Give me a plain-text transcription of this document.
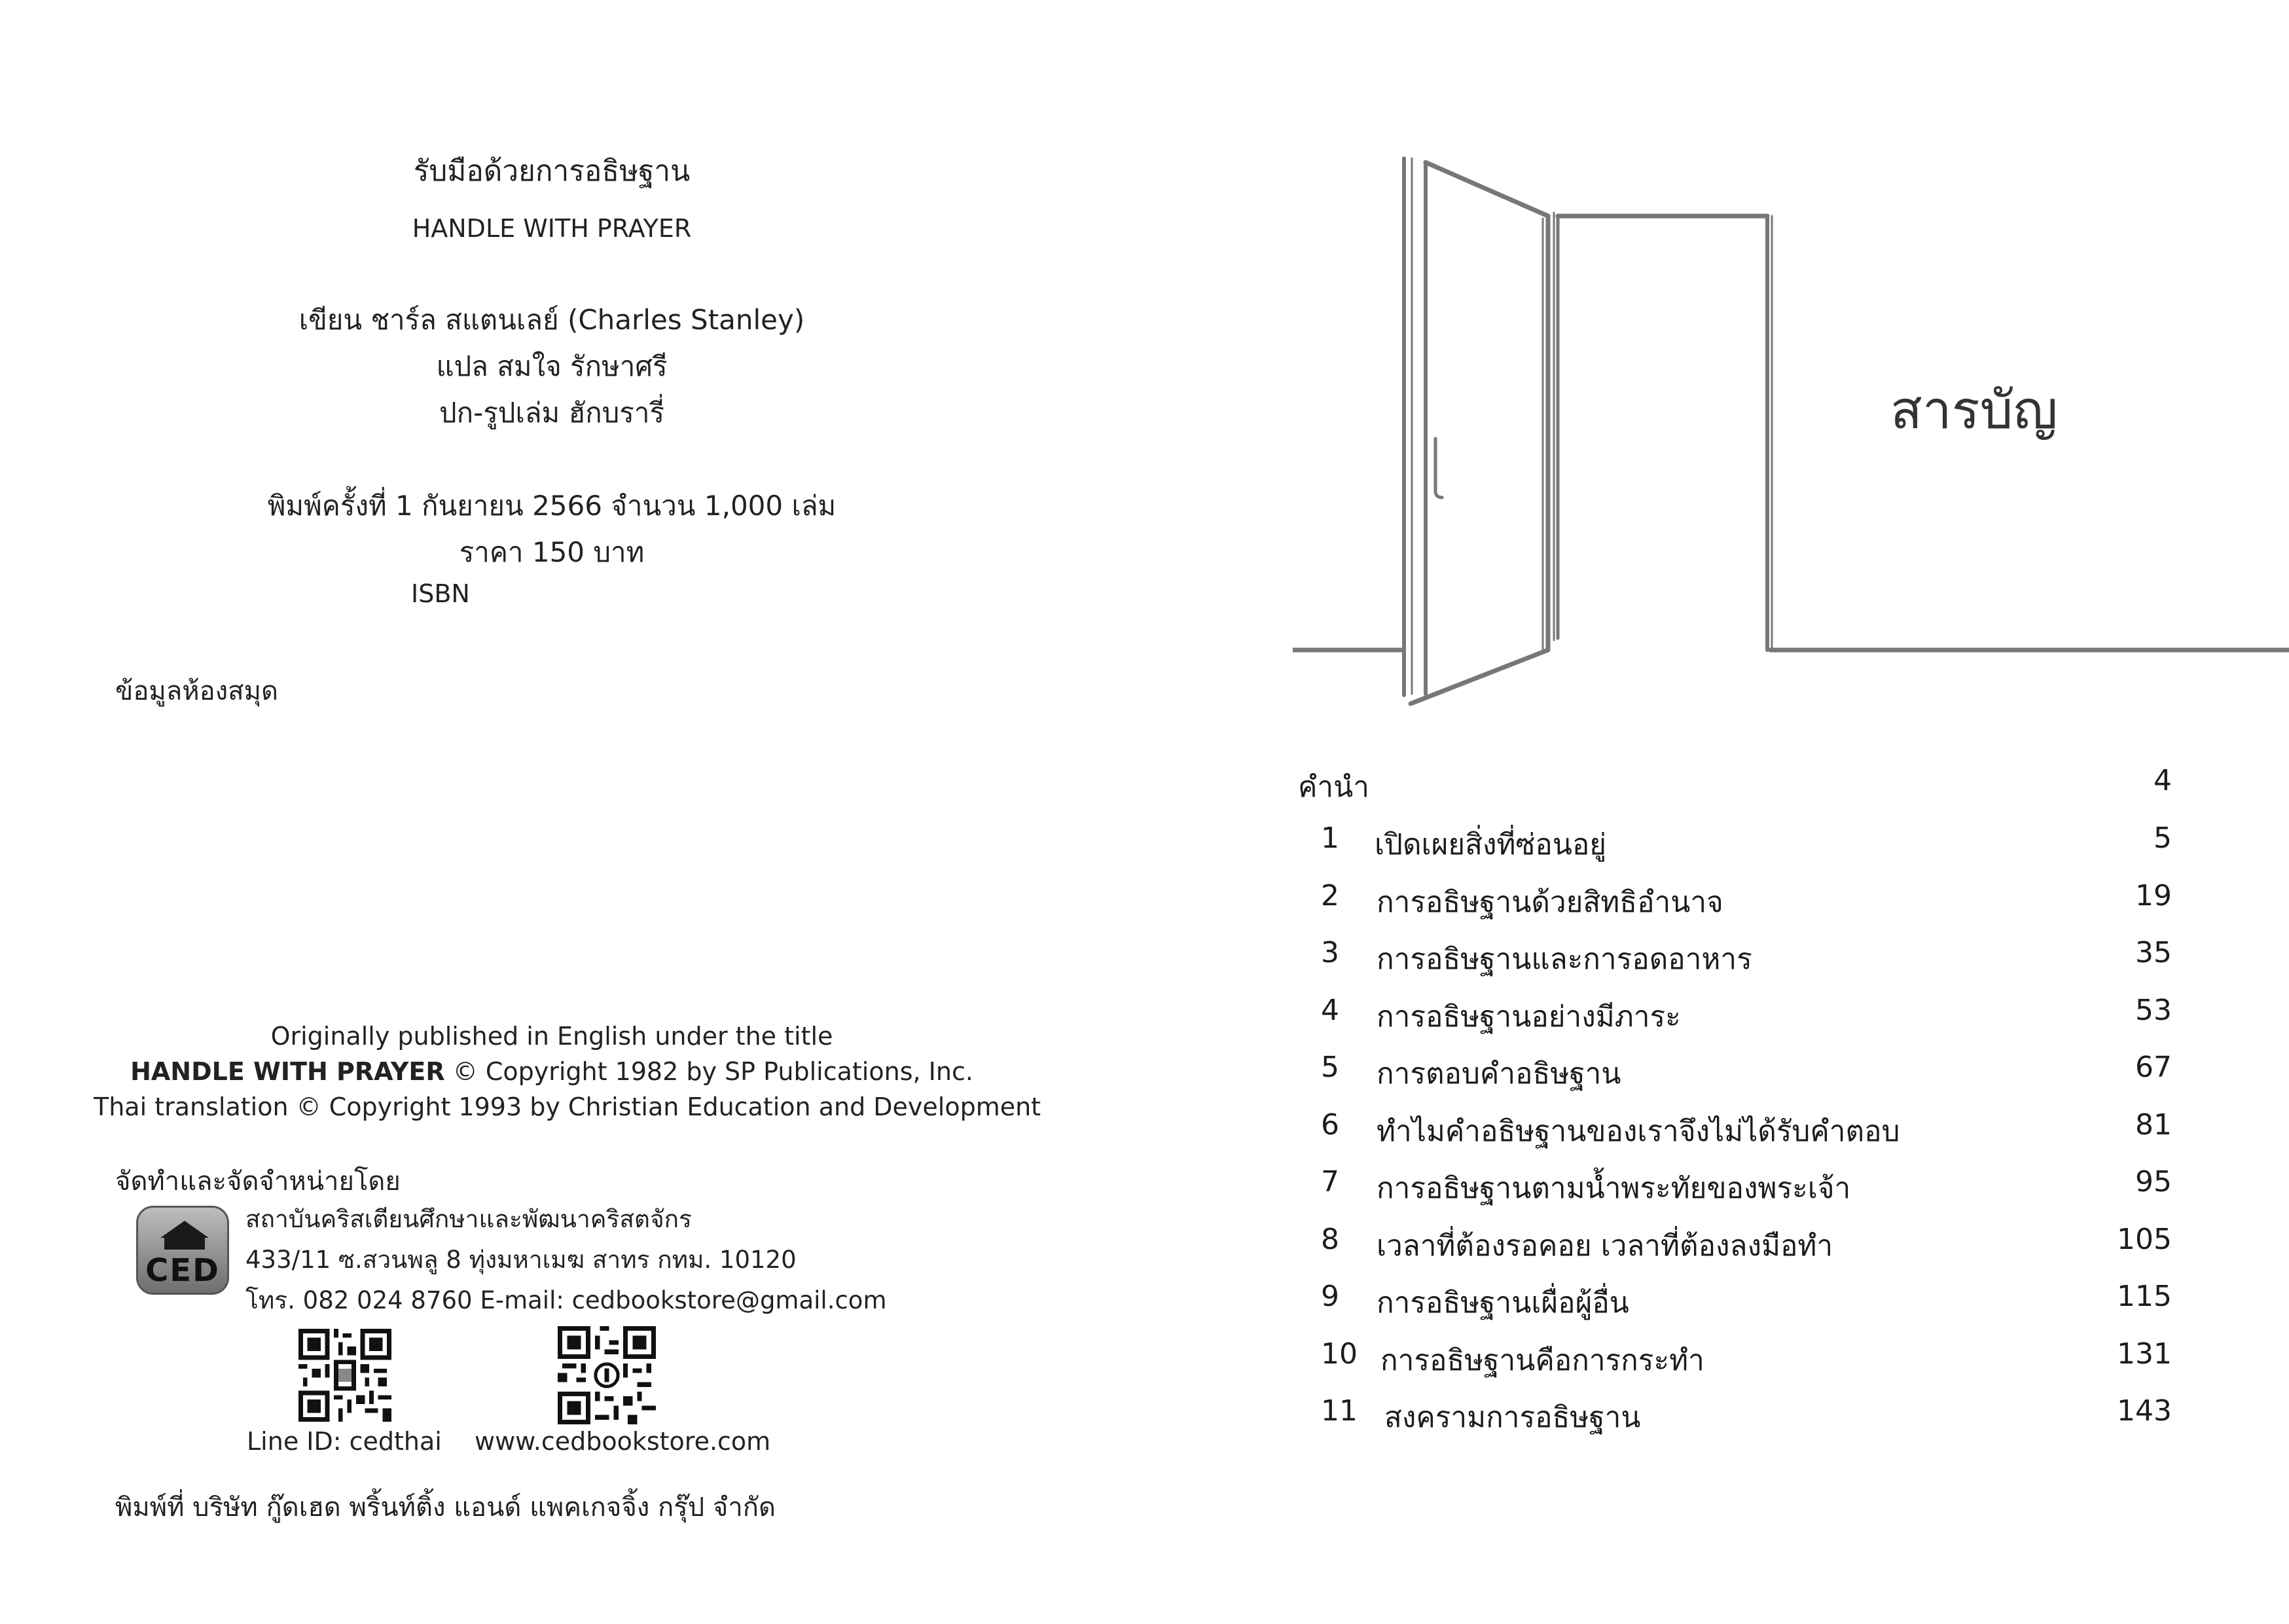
รับมือด้วยการอธิษฐาน
HANDLE WITH PRAYER
เขียน ชาร์ล สแตนเลย์ (Charles Stanley)
แปล สมใจ รักษาศรี
ปก-รูปเล่ม ฮักบรารี่
พิมพ์ครั้งที่ 1 กันยายน 2566 จำนวน 1,000 เล่ม
ราคา 150 บาท
ISBN
ข้อมูลห้องสมุด
Originally published in English under the title
HANDLE WITH PRAYER © Copyright 1982 by SP Publications, Inc.
Thai translation © Copyright 1993 by Christian Education and Development
จัดทำและจัดจำหน่ายโดย
CED
สถาบันคริสเตียนศึกษาและพัฒนาคริสตจักร
433/11 ซ.สวนพลู 8 ทุ่งมหาเมฆ สาทร กทม. 10120
โทร. 082 024 8760 E-mail: cedbookstore@gmail.com
Line ID: cedthai www.cedbookstore.com
พิมพ์ที่ บริษัท กู๊ดเฮด พริ้นท์ติ้ง แอนด์ แพคเกจจิ้ง กรุ๊ป จำกัด
สารบัญ
คำนำ	4
1 เปิดเผยสิ่งที่ซ่อนอยู่	5
2 การอธิษฐานด้วยสิทธิอำนาจ	19
3 การอธิษฐานและการอดอาหาร	35
4 การอธิษฐานอย่างมีภาระ	53
5 การตอบคำอธิษฐาน	67
6 ทำไมคำอธิษฐานของเราจึงไม่ได้รับคำตอบ	81
7 การอธิษฐานตามน้ำพระทัยของพระเจ้า	95
8 เวลาที่ต้องรอคอย เวลาที่ต้องลงมือทำ	105
9 การอธิษฐานเผื่อผู้อื่น	115
10 การอธิษฐานคือการกระทำ	131
11 สงครามการอธิษฐาน	143
